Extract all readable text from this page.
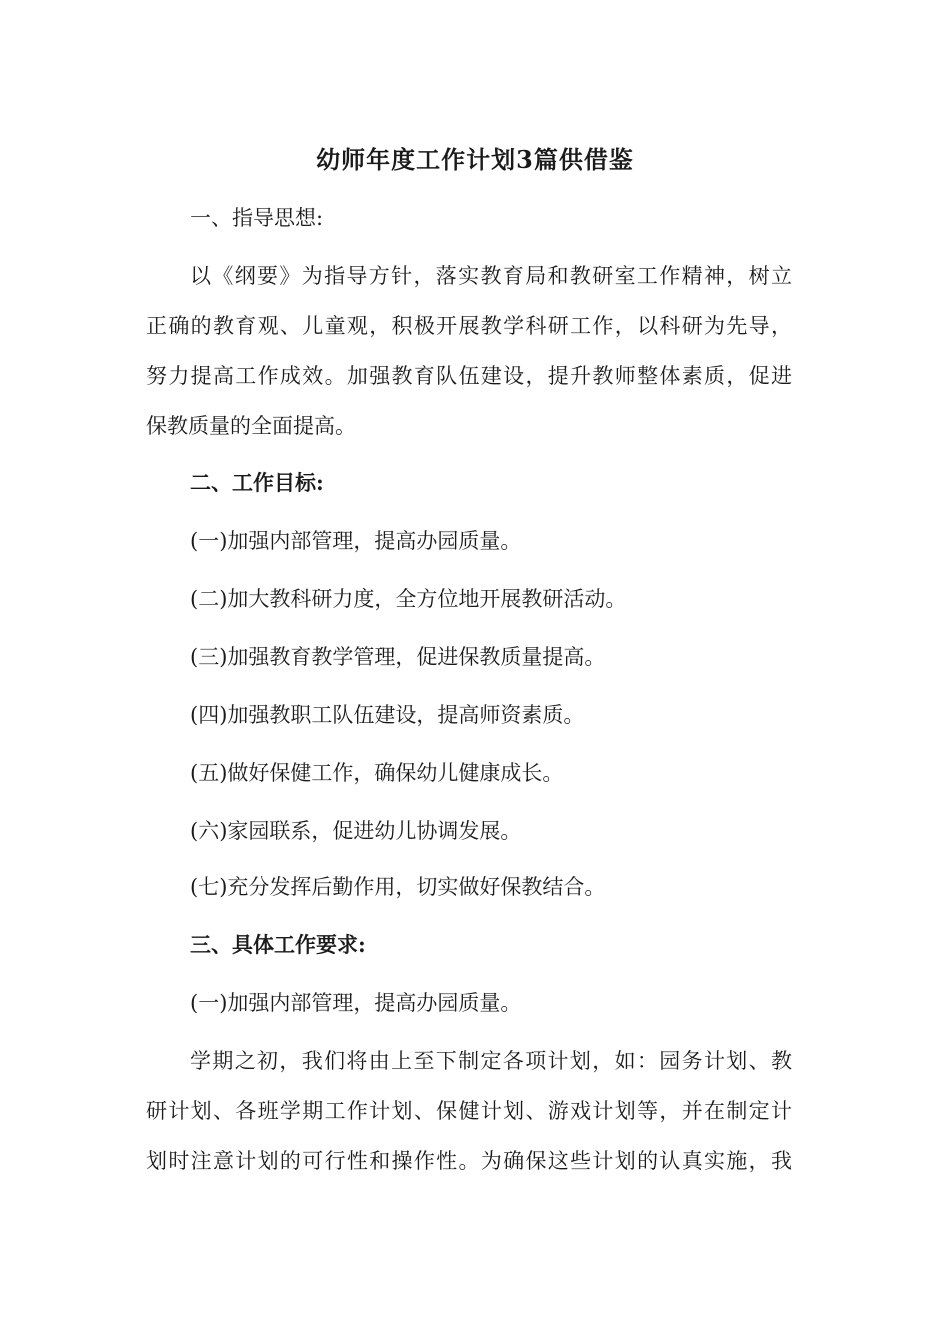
幼师年度工作计划3篇供借鉴
一、指导思想:
以《纲要》为指导方针，落实教育局和教研室工作精神，树立
正确的教育观、儿童观，积极开展教学科研工作，以科研为先导，
努力提高工作成效。加强教育队伍建设，提升教师整体素质，促进
保教质量的全面提高。
二、工作目标:
(一)加强内部管理，提高办园质量。
(二)加大教科研力度，全方位地开展教研活动。
(三)加强教育教学管理，促进保教质量提高。
(四)加强教职工队伍建设，提高师资素质。
(五)做好保健工作，确保幼儿健康成长。
(六)家园联系，促进幼儿协调发展。
(七)充分发挥后勤作用，切实做好保教结合。
三、具体工作要求:
(一)加强内部管理，提高办园质量。
学期之初，我们将由上至下制定各项计划，如：园务计划、教
研计划、各班学期工作计划、保健计划、游戏计划等，并在制定计
划时注意计划的可行性和操作性。为确保这些计划的认真实施，我
